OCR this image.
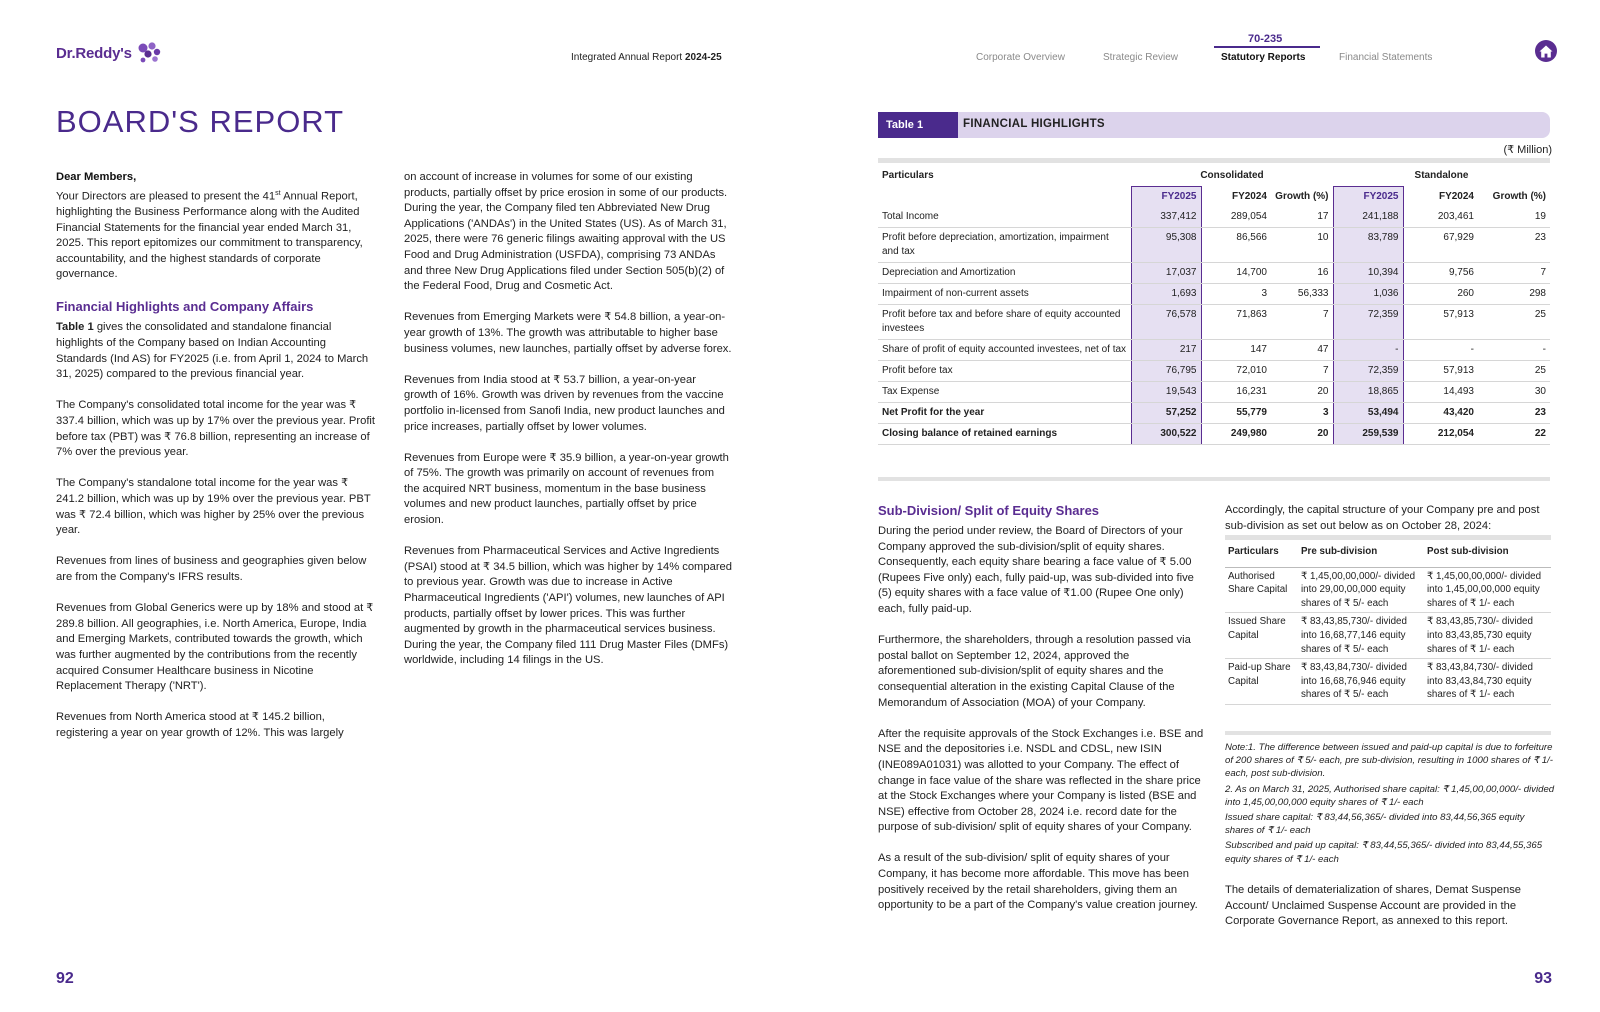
Dr.Reddy's	Integrated Annual Report 2024-25
70-235
Corporate Overview	Strategic Review	Statutory Reports	Financial Statements
BOARD'S REPORT

Dear Members,

Your Directors are pleased to present the 41st Annual Report, highlighting the Business Performance along with the Audited Financial Statements for the financial year ended March 31, 2025. This report epitomizes our commitment to transparency, accountability, and the highest standards of corporate governance.

Financial Highlights and Company Affairs

Table 1 gives the consolidated and standalone financial highlights of the Company based on Indian Accounting Standards (Ind AS) for FY2025 (i.e. from April 1, 2024 to March 31, 2025) compared to the previous financial year.

The Company's consolidated total income for the year was ₹ 337.4 billion, which was up by 17% over the previous year. Profit before tax (PBT) was ₹ 76.8 billion, representing an increase of 7% over the previous year.

The Company's standalone total income for the year was ₹ 241.2 billion, which was up by 19% over the previous year. PBT was ₹ 72.4 billion, which was higher by 25% over the previous year.

Revenues from lines of business and geographies given below are from the Company's IFRS results.

Revenues from Global Generics were up by 18% and stood at ₹ 289.8 billion. All geographies, i.e. North America, Europe, India and Emerging Markets, contributed towards the growth, which was further augmented by the contributions from the recently acquired Consumer Healthcare business in Nicotine Replacement Therapy ('NRT').

Revenues from North America stood at ₹ 145.2 billion, registering a year on year growth of 12%. This was largely

on account of increase in volumes for some of our existing products, partially offset by price erosion in some of our products. During the year, the Company filed ten Abbreviated New Drug Applications ('ANDAs') in the United States (US). As of March 31, 2025, there were 76 generic filings awaiting approval with the US Food and Drug Administration (USFDA), comprising 73 ANDAs and three New Drug Applications filed under Section 505(b)(2) of the Federal Food, Drug and Cosmetic Act.

Revenues from Emerging Markets were ₹ 54.8 billion, a year-on-year growth of 13%. The growth was attributable to higher base business volumes, new launches, partially offset by adverse forex.

Revenues from India stood at ₹ 53.7 billion, a year-on-year growth of 16%. Growth was driven by revenues from the vaccine portfolio in-licensed from Sanofi India, new product launches and price increases, partially offset by lower volumes.

Revenues from Europe were ₹ 35.9 billion, a year-on-year growth of 75%. The growth was primarily on account of revenues from the acquired NRT business, momentum in the base business volumes and new product launches, partially offset by price erosion.

Revenues from Pharmaceutical Services and Active Ingredients (PSAI) stood at ₹ 34.5 billion, which was higher by 14% compared to previous year. Growth was due to increase in Active Pharmaceutical Ingredients ('API') volumes, new launches of API products, partially offset by lower prices. This was further augmented by growth in the pharmaceutical services business. During the year, the Company filed 111 Drug Master Files (DMFs) worldwide, including 14 filings in the US.

92
Table 1	FINANCIAL HIGHLIGHTS
(₹ Million)
Particulars	Consolidated			Standalone		
	FY2025	FY2024	Growth (%)	FY2025	FY2024	Growth (%)
Total Income	337,412	289,054	17	241,188	203,461	19
Profit before depreciation, amortization, impairment and tax	95,308	86,566	10	83,789	67,929	23
Depreciation and Amortization	17,037	14,700	16	10,394	9,756	7
Impairment of non-current assets	1,693	3	56,333	1,036	260	298
Profit before tax and before share of equity accounted investees	76,578	71,863	7	72,359	57,913	25
Share of profit of equity accounted investees, net of tax	217	147	47	-	-	-
Profit before tax	76,795	72,010	7	72,359	57,913	25
Tax Expense	19,543	16,231	20	18,865	14,493	30
Net Profit for the year	57,252	55,779	3	53,494	43,420	23
Closing balance of retained earnings	300,522	249,980	20	259,539	212,054	22
Sub-Division/ Split of Equity Shares

During the period under review, the Board of Directors of your Company approved the sub-division/split of equity shares. Consequently, each equity share bearing a face value of ₹ 5.00 (Rupees Five only) each, fully paid-up, was sub-divided into five (5) equity shares with a face value of ₹1.00 (Rupee One only) each, fully paid-up.

Furthermore, the shareholders, through a resolution passed via postal ballot on September 12, 2024, approved the aforementioned sub-division/split of equity shares and the consequential alteration in the existing Capital Clause of the Memorandum of Association (MOA) of your Company.

After the requisite approvals of the Stock Exchanges i.e. BSE and NSE and the depositories i.e. NSDL and CDSL, new ISIN (INE089A01031) was allotted to your Company. The effect of change in face value of the share was reflected in the share price at the Stock Exchanges where your Company is listed (BSE and NSE) effective from October 28, 2024 i.e. record date for the purpose of sub-division/ split of equity shares of your Company.

As a result of the sub-division/ split of equity shares of your Company, it has become more affordable. This move has been positively received by the retail shareholders, giving them an opportunity to be a part of the Company's value creation journey.

Accordingly, the capital structure of your Company pre and post sub-division as set out below as on October 28, 2024:
Particulars	Pre sub-division	Post sub-division
Authorised Share Capital	₹ 1,45,00,00,000/- divided into 29,00,00,000 equity shares of ₹ 5/- each	₹ 1,45,00,00,000/- divided into 1,45,00,00,000 equity shares of ₹ 1/- each
Issued Share Capital	₹ 83,43,85,730/- divided into 16,68,77,146 equity shares of ₹ 5/- each	₹ 83,43,85,730/- divided into 83,43,85,730 equity shares of ₹ 1/- each
Paid-up Share Capital	₹ 83,43,84,730/- divided into 16,68,76,946 equity shares of ₹ 5/- each	₹ 83,43,84,730/- divided into 83,43,84,730 equity shares of ₹ 1/- each
Note:1. The difference between issued and paid-up capital is due to forfeiture of 200 shares of ₹ 5/- each, pre sub-division, resulting in 1000 shares of ₹ 1/- each, post sub-division.
2. As on March 31, 2025, Authorised share capital: ₹ 1,45,00,00,000/- divided into 1,45,00,00,000 equity shares of ₹ 1/- each
Issued share capital: ₹ 83,44,56,365/- divided into 83,44,56,365 equity shares of ₹ 1/- each
Subscribed and paid up capital: ₹ 83,44,55,365/- divided into 83,44,55,365 equity shares of ₹ 1/- each
The details of dematerialization of shares, Demat Suspense Account/ Unclaimed Suspense Account are provided in the Corporate Governance Report, as annexed to this report.
93
